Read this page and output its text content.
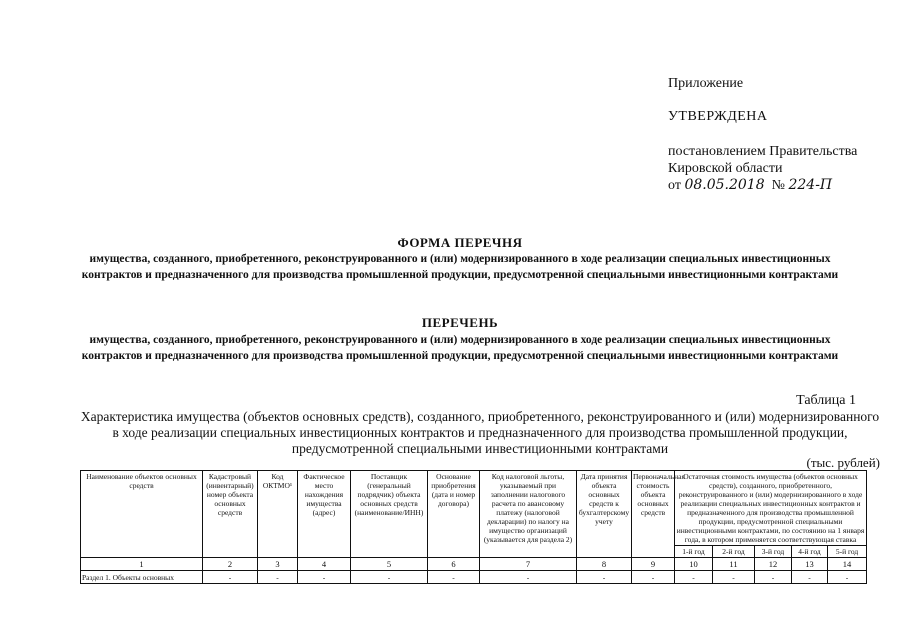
Приложение
УТВЕРЖДЕНА
постановлением Правительства
Кировской области
от 08.05.2018 № 224-П
ФОРМА ПЕРЕЧНЯ
имущества, созданного, приобретенного, реконструированного и (или) модернизированного в ходе реализации специальных инвестиционных контрактов и предназначенного для производства промышленной продукции, предусмотренной специальными инвестиционными контрактами
ПЕРЕЧЕНЬ
имущества, созданного, приобретенного, реконструированного и (или) модернизированного в ходе реализации специальных инвестиционных контрактов и предназначенного для производства промышленной продукции, предусмотренной специальными инвестиционными контрактами
Таблица 1
Характеристика имущества (объектов основных средств), созданного, приобретенного, реконструированного и (или) модернизированного в ходе реализации специальных инвестиционных контрактов и предназначенного для производства промышленной продукции, предусмотренной специальными инвестиционными контрактами
(тыс. рублей)
Наименование объектов основных средств	Кадастровый (инвентарный) номер объекта основных средств	Код ОКТМО¹	Фактическое место нахождения имущества (адрес)	Поставщик (генеральный подрядчик) объекта основных средств (наименование/ИНН)	Основание приобретения (дата и номер договора)	Код налоговой льготы, указываемый при заполнении налогового расчета по авансовому платежу (налоговой декларации) по налогу на имущество организаций (указывается для раздела 2)	Дата принятия объекта основных средств к бухгалтерскому учету	Первоначальная стоимость объекта основных средств	Остаточная стоимость имущества (объектов основных средств), созданного, приобретенного, реконструированного и (или) модернизированного в ходе реализации специальных инвестиционных контрактов и предназначенного для производства промышленной продукции, предусмотренной специальными инвестиционными контрактами, по состоянию на 1 января года, в котором применяется соответствующая ставка				
									1-й год	2-й год	3-й год	4-й год	5-й год
1	2	3	4	5	6	7	8	9	10	11	12	13	14
Раздел 1. Объекты основных	-	-	-	-	-	-	-	-	-	-	-	-	-
